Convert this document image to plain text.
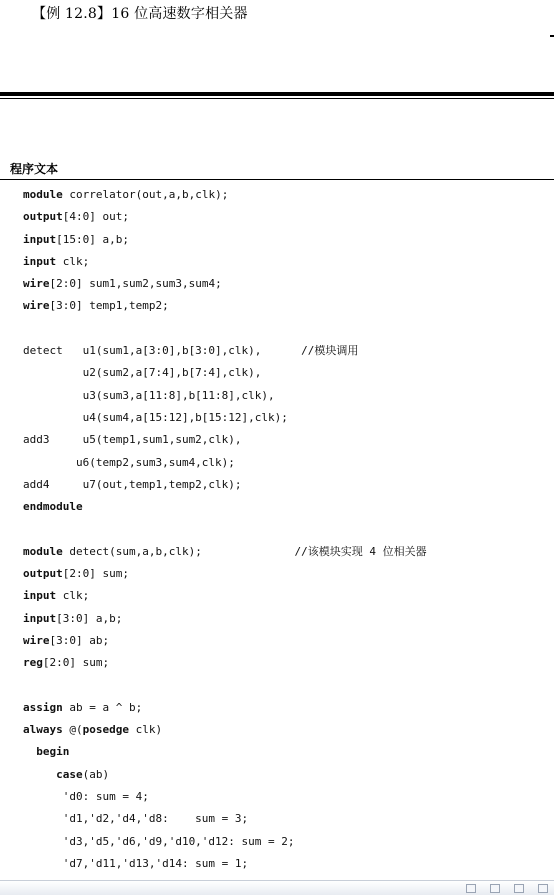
【例 12.8】16 位高速数字相关器
程序文本
module correlator(out,a,b,clk);
output[4:0] out;
input[15:0] a,b;
input clk;
wire[2:0] sum1,sum2,sum3,sum4;
wire[3:0] temp1,temp2;
detect   u1(sum1,a[3:0],b[3:0],clk),      //模块调用
u2(sum2,a[7:4],b[7:4],clk),
u3(sum3,a[11:8],b[11:8],clk),
u4(sum4,a[15:12],b[15:12],clk);
add3     u5(temp1,sum1,sum2,clk),
u6(temp2,sum3,sum4,clk);
add4     u7(out,temp1,temp2,clk);
endmodule
module detect(sum,a,b,clk);              //该模块实现 4 位相关器
output[2:0] sum;
input clk;
input[3:0] a,b;
wire[3:0] ab;
reg[2:0] sum;
assign ab = a ^ b;
always @(posedge clk)
begin
case(ab)
'd0: sum = 4;
'd1,'d2,'d4,'d8:    sum = 3;
'd3,'d5,'d6,'d9,'d10,'d12: sum = 2;
'd7,'d11,'d13,'d14: sum = 1;
